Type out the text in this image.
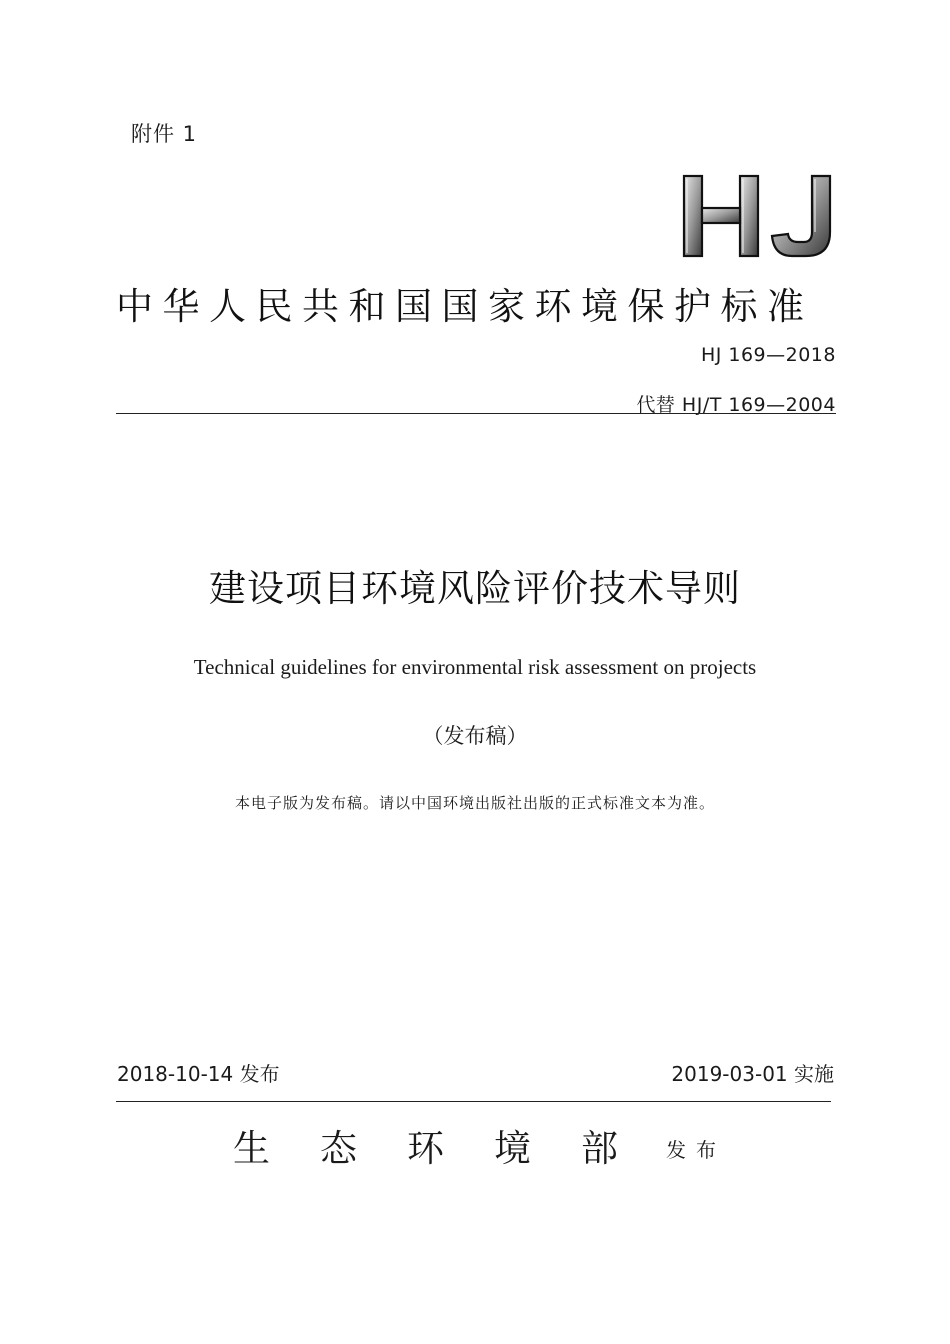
附件 1
中华人民共和国国家环境保护标准
HJ 169—2018
代替 HJ/T 169—2004
建设项目环境风险评价技术导则
Technical guidelines for environmental risk assessment on projects
（发布稿）
本电子版为发布稿。请以中国环境出版社出版的正式标准文本为准。
2018-10-14 发布	2019-03-01 实施
生态环境部
发布
